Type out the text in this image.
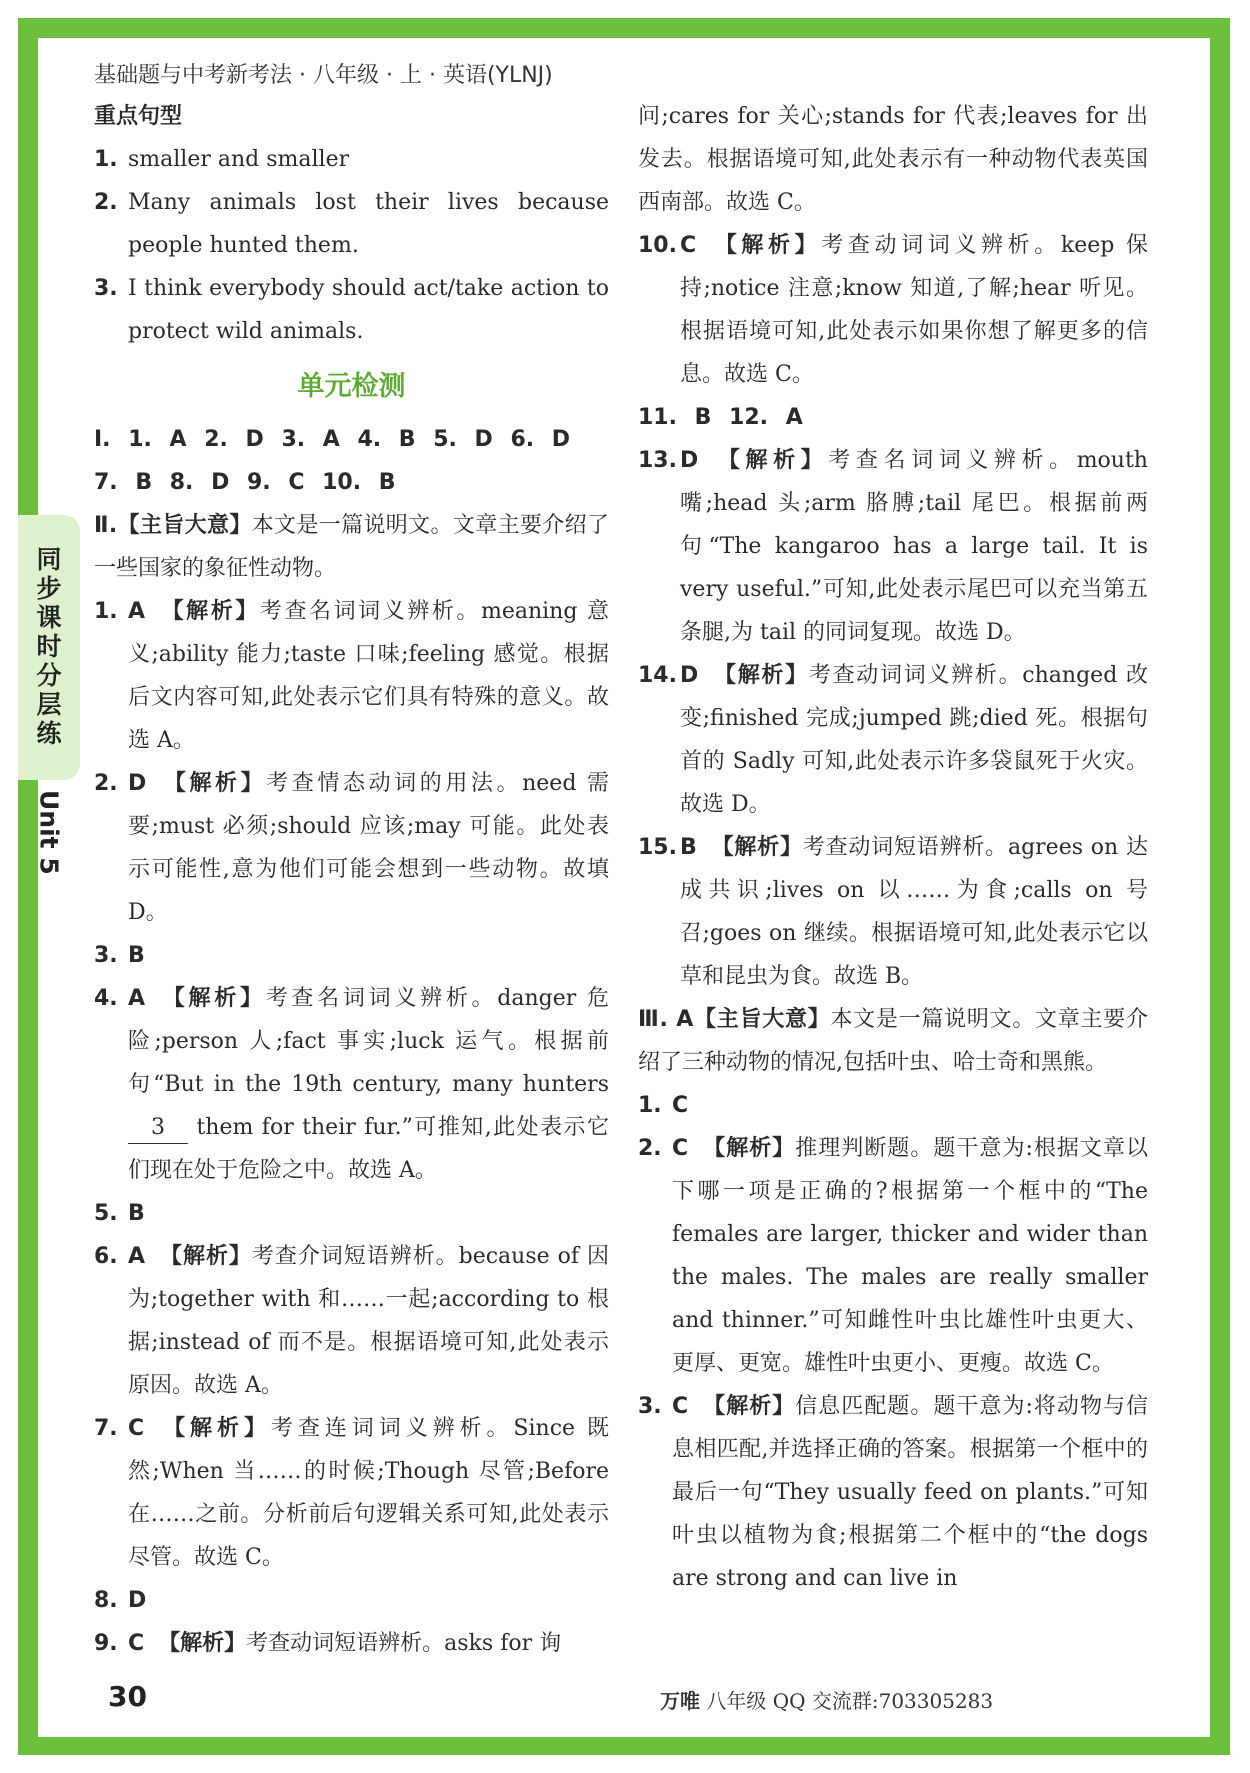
同
步
课
时
分
层
练
Unit 5
基础题与中考新考法 · 八年级 · 上 · 英语(YLNJ)
重点句型
1. smaller and smaller
2. Many animals lost their lives because people hunted them.
3. I think everybody should act/take action to protect wild animals.
单元检测
Ⅰ. 1. A 2. D 3. A 4. B 5. D 6. D
7. B 8. D 9. C 10. B
Ⅱ.【主旨大意】本文是一篇说明文。文章主要介绍了一些国家的象征性动物。
1. A 【解析】考查名词词义辨析。meaning 意义;ability 能力;taste 口味;feeling 感觉。根据后文内容可知,此处表示它们具有特殊的意义。故选 A。
2. D 【解析】考查情态动词的用法。need 需要;must 必须;should 应该;may 可能。此处表示可能性,意为他们可能会想到一些动物。故填 D。
3. B
4. A 【解析】考查名词词义辨析。danger 危险;person 人;fact 事实;luck 运气。根据前句“But in the 19th century, many hunters 3 them for their fur.”可推知,此处表示它们现在处于危险之中。故选 A。
5. B
6. A 【解析】考查介词短语辨析。because of 因为;together with 和……一起;according to 根据;instead of 而不是。根据语境可知,此处表示原因。故选 A。
7. C 【解析】考查连词词义辨析。Since 既然;When 当……的时候;Though 尽管;Before 在……之前。分析前后句逻辑关系可知,此处表示尽管。故选 C。
8. D
9. C 【解析】考查动词短语辨析。asks for 询
问;cares for 关心;stands for 代表;leaves for 出发去。根据语境可知,此处表示有一种动物代表英国西南部。故选 C。
10. C 【解析】考查动词词义辨析。keep 保持;notice 注意;know 知道,了解;hear 听见。根据语境可知,此处表示如果你想了解更多的信息。故选 C。
11. B 12. A
13. D 【解析】考查名词词义辨析。mouth 嘴;head 头;arm 胳膊;tail 尾巴。根据前两句“The kangaroo has a large tail. It is very useful.”可知,此处表示尾巴可以充当第五条腿,为 tail 的同词复现。故选 D。
14. D 【解析】考查动词词义辨析。changed 改变;finished 完成;jumped 跳;died 死。根据句首的 Sadly 可知,此处表示许多袋鼠死于火灾。故选 D。
15. B 【解析】考查动词短语辨析。agrees on 达成共识;lives on 以……为食;calls on 号召;goes on 继续。根据语境可知,此处表示它以草和昆虫为食。故选 B。
Ⅲ. A【主旨大意】本文是一篇说明文。文章主要介绍了三种动物的情况,包括叶虫、哈士奇和黑熊。
1. C
2. C 【解析】推理判断题。题干意为:根据文章以下哪一项是正确的?根据第一个框中的“The females are larger, thicker and wider than the males. The males are really smaller and thinner.”可知雌性叶虫比雄性叶虫更大、更厚、更宽。雄性叶虫更小、更瘦。故选 C。
3. C 【解析】信息匹配题。题干意为:将动物与信息相匹配,并选择正确的答案。根据第一个框中的最后一句“They usually feed on plants.”可知叶虫以植物为食;根据第二个框中的“the dogs are strong and can live in
30	万唯 八年级 QQ 交流群:703305283
